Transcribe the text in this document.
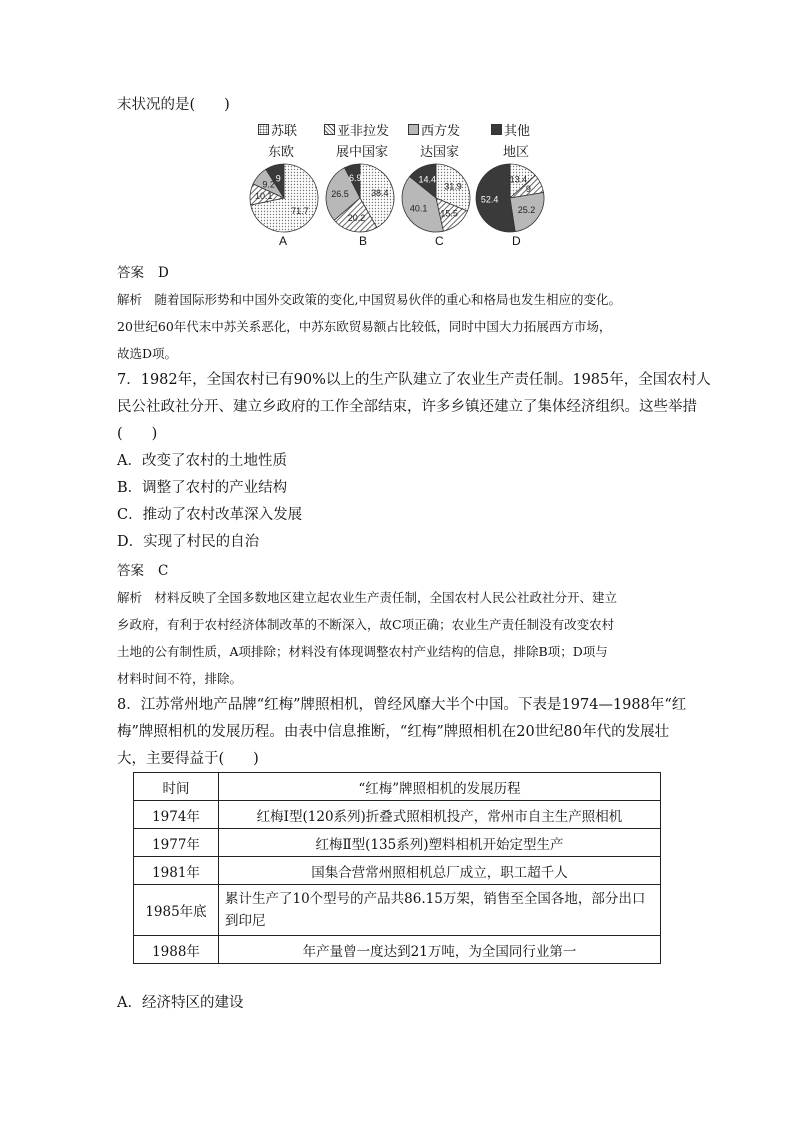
末状况的是(　　)
苏联
东欧
亚非拉发
展中国家
西方发
达国家
其他
地区
71.7
10.1
9.2
9
38.4
20.2
26.5
6.9
31.9
15.5
40.1
14.4	13.4
9
25.2
52.4
A	B	C	D
答案 D
解析　 随着国际形势和中国外交政策的变化,中国贸易伙伴的重心和格局也发生相应的变化。
20世纪60年代末中苏关系恶化，中苏东欧贸易额占比较低，同时中国大力拓展西方市场，
故选D项。
7．1982年，全国农村已有90%以上的生产队建立了农业生产责任制。1985年，全国农村人
民公社政社分开、建立乡政府的工作全部结束，许多乡镇还建立了集体经济组织。这些举措
(　　)
A．改变了农村的土地性质
B．调整了农村的产业结构
C．推动了农村改革深入发展
D．实现了村民的自治
答案 C
解析　 材料反映了全国多数地区建立起农业生产责任制，全国农村人民公社政社分开、建立
乡政府，有利于农村经济体制改革的不断深入，故C项正确；农业生产责任制没有改变农村
土地的公有制性质，A项排除；材料没有体现调整农村产业结构的信息，排除B项；D项与
材料时间不符，排除。
8．江苏常州地产品牌“红梅”牌照相机，曾经风靡大半个中国。下表是1974—1988年“红
梅”牌照相机的发展历程。由表中信息推断，“红梅”牌照相机在20世纪80年代的发展壮
大，主要得益于(　　)
时间	“红梅”牌照相机的发展历程
1974年	红梅Ⅰ型(120系列)折叠式照相机投产，常州市自主生产照相机
1977年	红梅Ⅱ型(135系列)塑料相机开始定型生产
1981年	国集合营常州照相机总厂成立，职工超千人
1985年底	累计生产了10个型号的产品共86.15万架，销售至全国各地，部分出口到印尼
1988年	年产量曾一度达到21万吨，为全国同行业第一
A．经济特区的建设
